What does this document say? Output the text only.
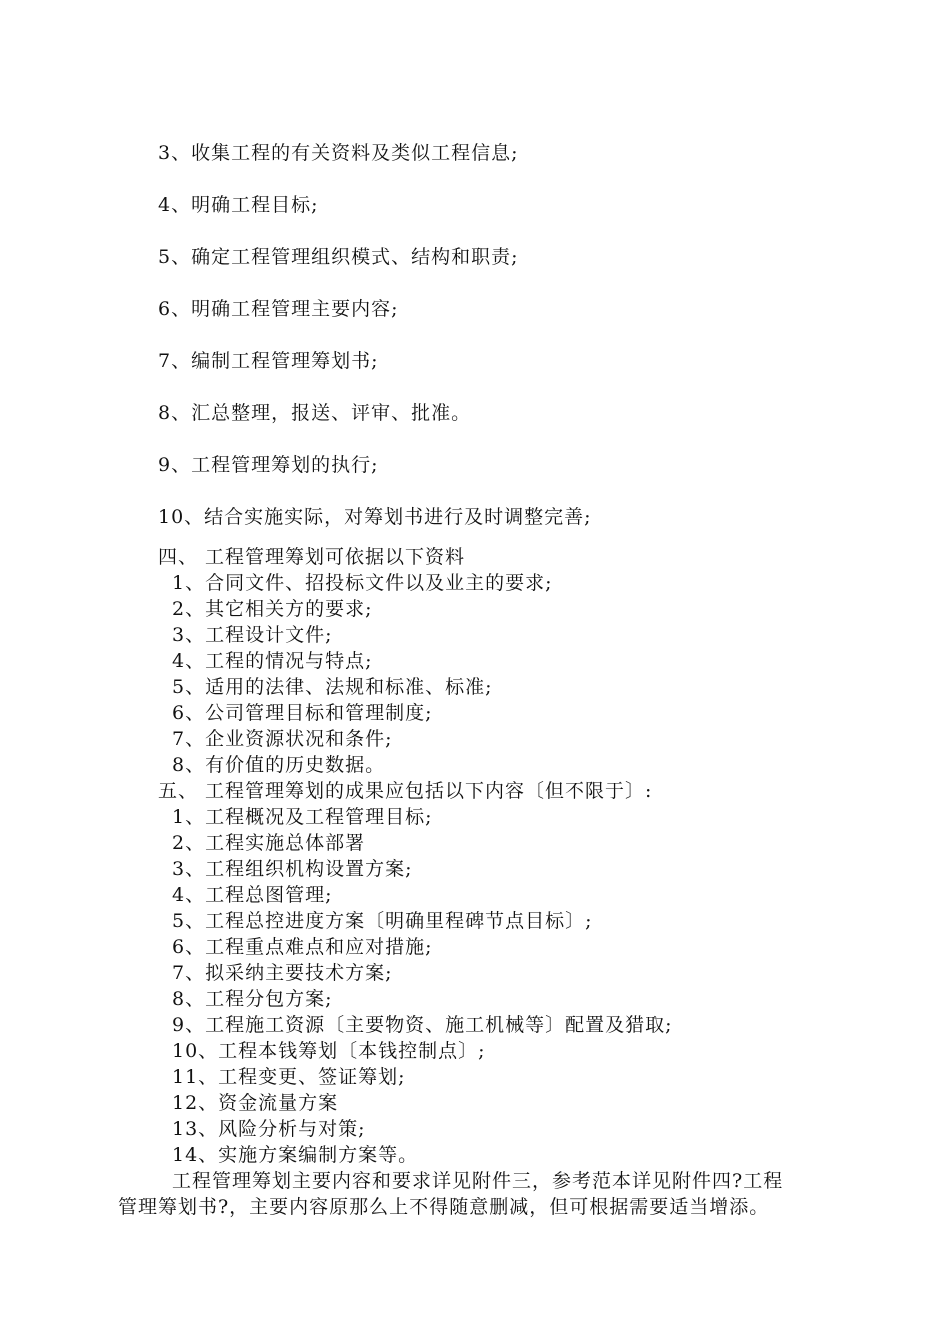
3、收集工程的有关资料及类似工程信息;
4、明确工程目标;
5、确定工程管理组织模式、结构和职责;
6、明确工程管理主要内容;
7、编制工程管理筹划书;
8、汇总整理，报送、评审、批准。
9、工程管理筹划的执行;
10、结合实施实际，对筹划书进行及时调整完善;
四、 工程管理筹划可依据以下资料
1、合同文件、招投标文件以及业主的要求;
2、其它相关方的要求;
3、工程设计文件;
4、工程的情况与特点;
5、适用的法律、法规和标准、标准;
6、公司管理目标和管理制度;
7、企业资源状况和条件;
8、有价值的历史数据。
五、 工程管理筹划的成果应包括以下内容〔但不限于〕:
1、工程概况及工程管理目标;
2、工程实施总体部署
3、工程组织机构设置方案;
4、工程总图管理;
5、工程总控进度方案〔明确里程碑节点目标〕;
6、工程重点难点和应对措施;
7、拟采纳主要技术方案;
8、工程分包方案;
9、工程施工资源〔主要物资、施工机械等〕配置及猎取;
10、工程本钱筹划〔本钱控制点〕;
11、工程变更、签证筹划;
12、资金流量方案
13、风险分析与对策;
14、实施方案编制方案等。
工程管理筹划主要内容和要求详见附件三，参考范本详见附件四?工程
管理筹划书?，主要内容原那么上不得随意删减，但可根据需要适当增添。
